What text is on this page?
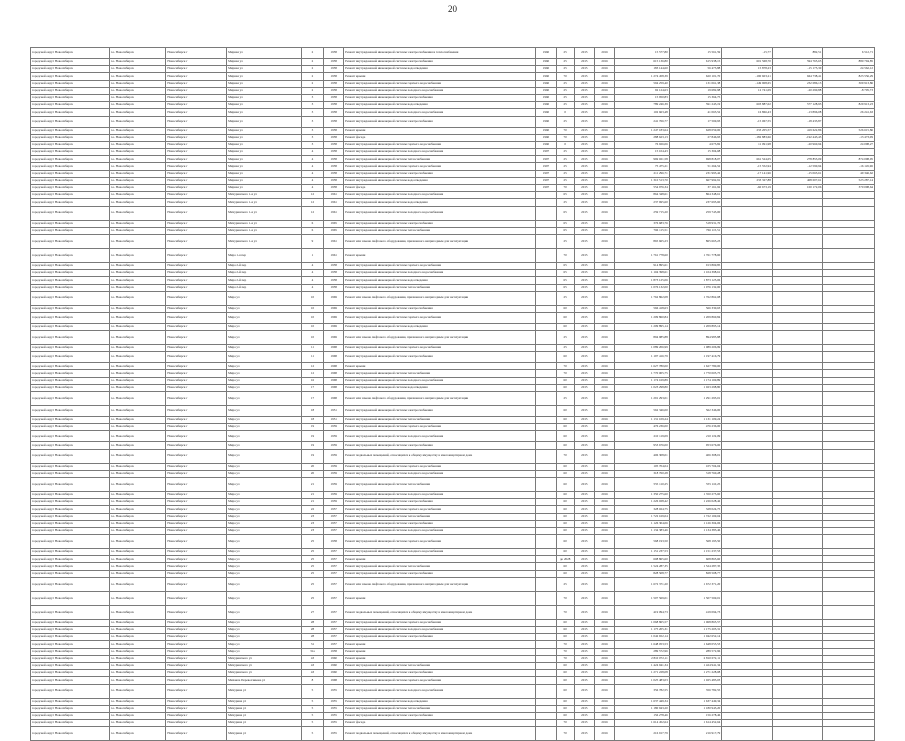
20
городской округ Новосибирск	г.о. Новосибирск	Новосибирск г	Мирная ул	2	1958	Ремонт внутридомовой инженерной системы электроснабжения и теплоснабжения	1960	25	2015	2016	15 577,80	15 561,59	-15,77	882,51	6 512,71
городской округ Новосибирск	г.о. Новосибирск	Новосибирск г	Мирная ул	2	1958	Ремонт внутридомовой инженерной системы электроснабжения	1960	25	2015	2016	615 136,80	615 938,15	601 568,70	594 765,65	880 794,85
городской округ Новосибирск	г.о. Новосибирск	Новосибирск г	Мирная ул	2	1958	Ремонт внутридомовой инженерной системы водоотведения	1960	25	2015	2016	183 144,60	56 473,88	15 878,23	-15 175,30	24 562,12
городской округ Новосибирск	г.о. Новосибирск	Новосибирск г	Мирная ул	2	1958	Ремонт крыши	1960	70	2015	2016	1 274 458,39	620 101,70	-190 603,21	664 738,41	823 556,29
городской округ Новосибирск	г.о. Новосибирск	Новосибирск г	Мирная ул	2	1958	Ремонт внутридомовой инженерной системы горячего водоснабжения	1960	25	2015	2016	594 259,40	131 061,38	-149 908,65	232 086,13	309 913,86
городской округ Новосибирск	г.о. Новосибирск	Новосибирск г	Мирная ул	2	1958	Ремонт внутридомовой инженерной системы холодного водоснабжения	1960	25	2015	2016	92 124,63	19 682,98	12 741,09	-20 290,88	-8 705,73
городской округ Новосибирск	г.о. Новосибирск	Новосибирск г	Мирная ул	3	1958	Ремонт внутридомовой инженерной системы электроснабжения	1960	25	2015	2016	15 950,83	15 364,75			
городской округ Новосибирск	г.о. Новосибирск	Новосибирск г	Мирная ул	3	1958	Ремонт внутридомовой инженерной системы водоотведения	1960	25	2015	2016	789 246,39	591 243,19	603 887,02	577 128,93	829 913,23
городской округ Новосибирск	г.о. Новосибирск	Новосибирск г	Мирная ул	3	1958	Ремонт внутридомовой инженерной системы холодного водоснабжения	1960	0	2015	2016	102 663,48	41 063,52	16 866,43	-13 896,08	26 241,63
городской округ Новосибирск	г.о. Новосибирск	Новосибирск г	Мирная ул	3	1958	Ремонт внутридомовой инженерной системы электроснабжения	1960	25	2015	2016	241 766,77	17 569,93	-15 067,55	-18 433,87	
городской округ Новосибирск	г.о. Новосибирск	Новосибирск г	Мирная ул	3	1958	Ремонт крыши	1960	70	2015	2016	1 247 183,64	628 059,00	233 205,57	419 622,86	526 615,86
городской округ Новосибирск	г.о. Новосибирск	Новосибирск г	Мирная ул	3	1958	Ремонт фасада	1960	70	2015	2016	288 623,13	27 846,93	-182 883,66	-192 443,43	-13 473,09
городской округ Новосибирск	г.о. Новосибирск	Новосибирск г	Мирная ул	3	1958	Ремонт внутридомовой инженерной системы горячего водоснабжения	1960	0	2015	2016	76 926,06	4 673,82	11 091,98	-20 960,94	24 098,27
городской округ Новосибирск	г.о. Новосибирск	Новосибирск г	Мирная ул	4	1958	Ремонт внутридомовой инженерной системы холодного водоснабжения	1997	25	2015	2016	15 104,43	15 304,68			
городской округ Новосибирск	г.о. Новосибирск	Новосибирск г	Мирная ул	4	1958	Ремонт внутридомовой инженерной системы теплоснабжения	1997	25	2015	2016	969 021,58	698 818,07	661 524,05	278 853,09	874 098,95
городской округ Новосибирск	г.о. Новосибирск	Новосибирск г	Мирная ул	4	1958	Ремонт внутридомовой инженерной системы горячего водоснабжения	1997	25	2015	2016	75 475,21	51 264,52	-15 552,94	-12 590,94	-16 145,96
городской округ Новосибирск	г.о. Новосибирск	Новосибирск г	Мирная ул	4	1958	Ремонт внутридомовой инженерной системы электроснабжения	1997	25	2015	2016	211 296,71	231 993,42	-17 141,96	-15 063,61	49 346,62
городской округ Новосибирск	г.о. Новосибирск	Новосибирск г	Мирная ул	4	1958	Ремонт внутридомовой инженерной системы водоотведения	1997	25	2015	2016	1 310 513,70	667 992,91	233 327,88	408 007,61	523 287,14
городской округ Новосибирск	г.о. Новосибирск	Новосибирск г	Мирная ул	4	1958	Ремонт фасада	1997	70	2015	2016	554 976,34	37 161,92	-60 673,19	100 172,06	370 098,64
городской округ Новосибирск	г.о. Новосибирск	Новосибирск г	Мичуринского 1-я ул	12	1961	Ремонт внутридомовой инженерной системы холодного водоснабжения		65	2015	2016	864 348,61	864 348,61			
городской округ Новосибирск	г.о. Новосибирск	Новосибирск г	Мичуринского 1-я ул	12	1961	Ремонт внутридомовой инженерной системы водоотведения		25	2015	2016	237 695,60	237 695,60			
городской округ Новосибирск	г.о. Новосибирск	Новосибирск г	Мичуринского 1-я ул	12	1961	Ремонт внутридомовой инженерной системы холодного водоснабжения		65	2015	2016	259 715,20	259 745,00			
городской округ Новосибирск	г.о. Новосибирск	Новосибирск г	Мичуринского 1-я ул	6	1965	Ремонт внутридомовой инженерной системы электроснабжения		65	2015	2016	376 683,76	518 931,70			
городской округ Новосибирск	г.о. Новосибирск	Новосибирск г	Мичуринского 1-я ул	6	1965	Ремонт внутридомовой инженерной системы теплоснабжения		65	2015	2016	766 115,51	766 115,51			
городской округ Новосибирск	г.о. Новосибирск	Новосибирск г	Мичуринского 1-я ул	9	1961	Ремонт или замена лифтового оборудования, признанного непригодным для эксплуатации		25	2015	2016	865 665,23	865 665,23			
городской округ Новосибирск	г.о. Новосибирск	Новосибирск г	Мира 1-я пер	1	1961	Ремонт крыши		70	2015	2016	1 761 778,60	1 761 778,60			
городской округ Новосибирск	г.о. Новосибирск	Новосибирск г	Мира 2-й пер	4	1958	Ремонт внутридомовой инженерной системы горячего водоснабжения		65	2015	2016	914 895,61	913 869,85			
городской округ Новосибирск	г.о. Новосибирск	Новосибирск г	Мира 2-й пер	4	1958	Ремонт внутридомовой инженерной системы холодного водоснабжения		65	2015	2016	1 104 398,61	1 104 398,61			
городской округ Новосибирск	г.о. Новосибирск	Новосибирск г	Мира 2-й пер	4	1958	Ремонт внутридомовой инженерной системы водоотведения		65	2015	2016	1 873 125,06	1 873 125,06			
городской округ Новосибирск	г.о. Новосибирск	Новосибирск г	Мира 2-й пер	4	1958	Ремонт внутридомовой инженерной системы теплоснабжения		65	2015	2016	1 076 132,00	1 076 132,00			
городской округ Новосибирск	г.о. Новосибирск	Новосибирск г	Мира ул	10	1969	Ремонт или замена лифтового оборудования, признанного непригодным для эксплуатации		25	2015	2016	1 762 862,08	1 762 862,08			
городской округ Новосибирск	г.о. Новосибирск	Новосибирск г	Мира ул	10	1969	Ремонт внутридомовой инженерной системы электроснабжения		60	2015	2016	566 418,63	566 330,63			
городской округ Новосибирск	г.о. Новосибирск	Новосибирск г	Мира ул	10	1969	Ремонт внутридомовой инженерной системы горячего водоснабжения		60	2015	2016	1 209 860,84	1 209 860,84			
городской округ Новосибирск	г.о. Новосибирск	Новосибирск г	Мира ул	10	1969	Ремонт внутридомовой инженерной системы водоотведения		60	2015	2016	1 209 895,14	1 209 895,14			
городской округ Новосибирск	г.о. Новосибирск	Новосибирск г	Мира ул	10	1969	Ремонт или замена лифтового оборудования, признанного непригодным для эксплуатации		25	2015	2016	894 985,88	894 985,88			
городской округ Новосибирск	г.о. Новосибирск	Новосибирск г	Мира ул	11	1968	Ремонт внутридомовой инженерной системы горячего водоснабжения		25	2015	2016	1 089 206,99	1 089 206,99			
городской округ Новосибирск	г.о. Новосибирск	Новосибирск г	Мира ул	11	1968	Ремонт внутридомовой инженерной системы электроснабжения		60	2015	2016	1 197 416,79	1 197 416,79			
городской округ Новосибирск	г.о. Новосибирск	Новосибирск г	Мира ул	12	1968	Ремонт крыши		70	2015	2016	1 627 780,00	1 627 780,00			
городской округ Новосибирск	г.о. Новосибирск	Новосибирск г	Мира ул	12	1968	Ремонт внутридомовой инженерной системы теплоснабжения		70	2015	2016	1 770 005,75	1 770 005,75			
городской округ Новосибирск	г.о. Новосибирск	Новосибирск г	Мира ул	16	1968	Ремонт внутридомовой инженерной системы холодного водоснабжения		60	2015	2016	1 174 169,89	1 174 169,89			
городской округ Новосибирск	г.о. Новосибирск	Новосибирск г	Мира ул	17	1968	Ремонт внутридомовой инженерной системы водоотведения		60	2015	2016	1 023 298,80	1 023 298,80			
городской округ Новосибирск	г.о. Новосибирск	Новосибирск г	Мира ул	17	1968	Ремонт или замена лифтового оборудования, признанного непригодным для эксплуатации		25	2015	2016	1 291 293,01	1 291 293,01			
городской округ Новосибирск	г.о. Новосибирск	Новосибирск г	Мира ул	18	1951	Ремонт внутридомовой инженерной системы электроснабжения		60	2015	2016	562 346,00	562 346,00			
городской округ Новосибирск	г.о. Новосибирск	Новосибирск г	Мира ул	18	1951	Ремонт внутридомовой инженерной системы теплоснабжения		60	2015	2016	1 131 109,24	1 131 109,24			
городской округ Новосибирск	г.о. Новосибирск	Новосибирск г	Мира ул	19	1959	Ремонт внутридомовой инженерной системы горячего водоснабжения		60	2015	2016	476 236,00	476 236,00			
городской округ Новосибирск	г.о. Новосибирск	Новосибирск г	Мира ул	19	1959	Ремонт внутридомовой инженерной системы холодного водоснабжения		60	2015	2016	210 119,09	210 119,09			
городской округ Новосибирск	г.о. Новосибирск	Новосибирск г	Мира ул	19	1959	Ремонт внутридомовой инженерной системы электроснабжения		60	2015	2016	953 676,00	953 676,00			
городской округ Новосибирск	г.о. Новосибирск	Новосибирск г	Мира ул	19	1959	Ремонт подвальных помещений, относящихся к общему имуществу в многоквартирном доме		70	2015	2016	406 308,01	406 308,01			
городской округ Новосибирск	г.о. Новосибирск	Новосибирск г	Мира ул	20	1959	Ремонт внутридомовой инженерной системы горячего водоснабжения		60	2015	2016	105 704,04	105 704,04			
городской округ Новосибирск	г.о. Новосибирск	Новосибирск г	Мира ул	20	1959	Ремонт внутридомовой инженерной системы холодного водоснабжения		60	2015	2016	318 760,28	318 760,28			
городской округ Новосибирск	г.о. Новосибирск	Новосибирск г	Мира ул	21	1959	Ремонт внутридомовой инженерной системы теплоснабжения		60	2015	2016	555 110,25	555 110,25			
городской округ Новосибирск	г.о. Новосибирск	Новосибирск г	Мира ул	21	1959	Ремонт внутридомовой инженерной системы холодного водоснабжения		60	2015	2016	1 350 275,60	1 350 275,60			
городской округ Новосибирск	г.о. Новосибирск	Новосибирск г	Мира ул	21	1959	Ремонт внутридомовой инженерной системы электроснабжения		60	2015	2016	1 226 028,42	1 226 028,42			
городской округ Новосибирск	г.о. Новосибирск	Новосибирск г	Мира ул	22	1957	Ремонт внутридомовой инженерной системы горячего водоснабжения		60	2015	2016	328 024,75	328 024,75			
городской округ Новосибирск	г.о. Новосибирск	Новосибирск г	Мира ул	23	1957	Ремонт внутридомовой инженерной системы теплоснабжения		60	2015	2016	1 722 169,04	1 722 169,04			
городской округ Новосибирск	г.о. Новосибирск	Новосибирск г	Мира ул	23	1957	Ремонт внутридомовой инженерной системы электроснабжения		60	2015	2016	1 126 304,06	1 126 304,06			
городской округ Новосибирск	г.о. Новосибирск	Новосибирск г	Мира ул	23	1957	Ремонт внутридомовой инженерной системы холодного водоснабжения		60	2015	2016	1 134 383,46	1 134 383,46			
городской округ Новосибирск	г.о. Новосибирск	Новосибирск г	Мира ул	25	1958	Ремонт внутридомовой инженерной системы горячего водоснабжения		60	2015	2016	568 193,50	568 193,50			
городской округ Новосибирск	г.о. Новосибирск	Новосибирск г	Мира ул	25	1957	Ремонт внутридомовой инженерной системы холодного водоснабжения		60	2015	2016	1 151 237,53	1 151 237,53			
городской округ Новосибирск	г.о. Новосибирск	Новосибирск г	Мира ул	25	1957	Ремонт крыши		до 2028	2015	2016	608 865,60	608 865,60			
городской округ Новосибирск	г.о. Новосибирск	Новосибирск г	Мира ул	25	1957	Ремонт внутридомовой инженерной системы теплоснабжения		60	2015	2016	1 524 287,35	1 524 287,35			
городской округ Новосибирск	г.о. Новосибирск	Новосибирск г	Мира ул	25	1957	Ремонт внутридомовой инженерной системы электроснабжения		60	2015	2016	828 508,77	828 508,77			
городской округ Новосибирск	г.о. Новосибирск	Новосибирск г	Мира ул	25	1957	Ремонт или замена лифтового оборудования, признанного непригодным для эксплуатации		25	2015	2016	1 672 371,20	1 672 371,20			
городской округ Новосибирск	г.о. Новосибирск	Новосибирск г	Мира ул	25	1957	Ремонт крыши		70	2015	2016	1 507 569,01	1 507 569,01			
городской округ Новосибирск	г.о. Новосибирск	Новосибирск г	Мира ул	27	1957	Ремонт подвальных помещений, относящихся к общему имуществу в многоквартирном доме		70	2015	2016	419 094,73	419 094,73			
городской округ Новосибирск	г.о. Новосибирск	Новосибирск г	Мира ул	28	1957	Ремонт внутридомовой инженерной системы горячего водоснабжения		60	2015	2016	1 068 865,57	1 068 865,57			
городской округ Новосибирск	г.о. Новосибирск	Новосибирск г	Мира ул	28	1957	Ремонт внутридомовой инженерной системы холодного водоснабжения		60	2015	2016	1 175 205,31	1 175 205,31			
городской округ Новосибирск	г.о. Новосибирск	Новосибирск г	Мира ул	28	1957	Ремонт внутридомовой инженерной системы электроснабжения		60	2015	2016	1 042 652,14	1 042 652,14			
городской округ Новосибирск	г.о. Новосибирск	Новосибирск г	Мира ул	31	1957	Ремонт крыши		70	2015	2016	1 648 053,53	1 648 053,53			
городской округ Новосибирск	г.о. Новосибирск	Новосибирск г	Мира ул	31а	1958	Ремонт крыши		70	2015	2016	289 572,96	289 572,96			
городской округ Новосибирск	г.о. Новосибирск	Новосибирск г	Мичуринского ул	43	1960	Ремонт крыши		70	2015	2016	2 810 072,11	2 810 072,11			
городской округ Новосибирск	г.о. Новосибирск	Новосибирск г	Мичуринского ул	43	1960	Ремонт внутридомовой инженерной системы теплоснабжения		60	2015	2016	1 424 941,34	1 424 941,34			
городской округ Новосибирск	г.о. Новосибирск	Новосибирск г	Мичуринского ул	43	1960	Ремонт внутридомовой инженерной системы электроснабжения		60	2015	2016	1 271 228,08	1 271 228,08			
городской округ Новосибирск	г.о. Новосибирск	Новосибирск г	Михаила Перевозчикова ул	8	1968	Ремонт внутридомовой инженерной системы горячего водоснабжения		60	2015	2016	1 025 483,03	1 025 483,03			
городской округ Новосибирск	г.о. Новосибирск	Новосибирск г	Мичурина ул	5	1955	Ремонт внутридомовой инженерной системы холодного водоснабжения		60	2015	2016	356 782,55	356 782,55			
городской округ Новосибирск	г.о. Новосибирск	Новосибирск г	Мичурина ул	5	1955	Ремонт внутридомовой инженерной системы водоотведения		60	2015	2016	1 637 449,34	1 637 449,34			
городской округ Новосибирск	г.о. Новосибирск	Новосибирск г	Мичурина ул	5	1955	Ремонт внутридомовой инженерной системы теплоснабжения		60	2015	2016	1 180 943,20	1 180 943,20			
городской округ Новосибирск	г.о. Новосибирск	Новосибирск г	Мичурина ул	5	1955	Ремонт внутридомовой инженерной системы электроснабжения		60	2015	2016	156 278,46	156 278,46			
городской округ Новосибирск	г.о. Новосибирск	Новосибирск г	Мичурина ул	5	1955	Ремонт фасада		70	2015	2016	1 614 452,64	1 614 452,64			
городской округ Новосибирск	г.о. Новосибирск	Новосибирск г	Мичурина ул	5	1955	Ремонт подвальных помещений, относящихся к общему имуществу в многоквартирном доме		70	2015	2016	216 917,79	216 917,79			
